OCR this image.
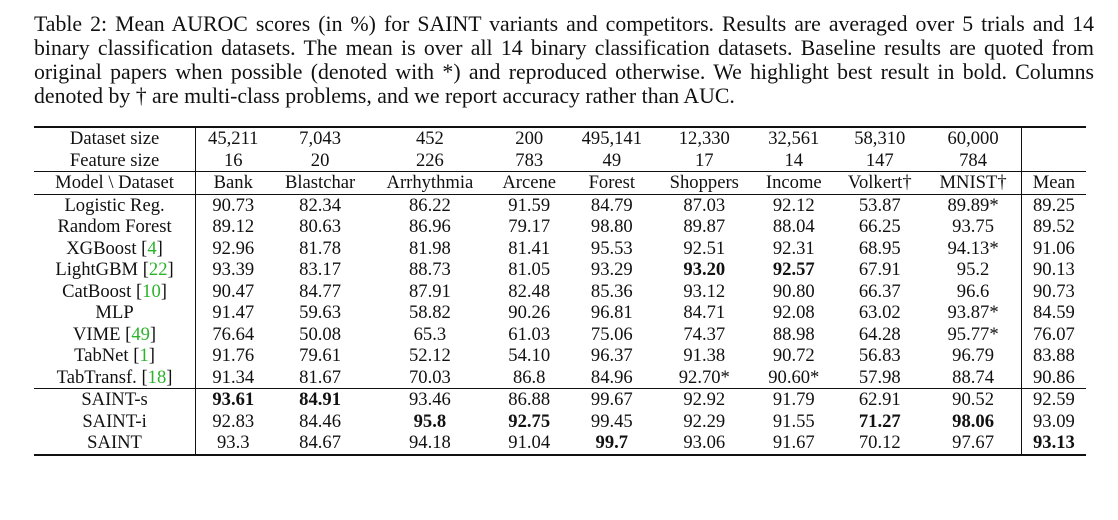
Table 2: Mean AUROC scores (in %) for SAINT variants and competitors. Results are averaged over 5 trials and 14 binary classification datasets. The mean is over all 14 binary classification datasets. Baseline results are quoted from original papers when possible (denoted with *) and reproduced otherwise. We highlight best result in bold. Columns denoted by † are multi-class problems, and we report accuracy rather than AUC.

Dataset size	45,211	7,043	452	200	495,141	12,330	32,561	58,310	60,000	
Feature size	16	20	226	783	49	17	14	147	784	
Model \ Dataset	Bank	Blastchar	Arrhythmia	Arcene	Forest	Shoppers	Income	Volkert†	MNIST†	Mean
Logistic Reg.	90.73	82.34	86.22	91.59	84.79	87.03	92.12	53.87	89.89*	89.25
Random Forest	89.12	80.63	86.96	79.17	98.80	89.87	88.04	66.25	93.75	89.52
XGBoost [4]	92.96	81.78	81.98	81.41	95.53	92.51	92.31	68.95	94.13*	91.06
LightGBM [22]	93.39	83.17	88.73	81.05	93.29	93.20	92.57	67.91	95.2	90.13
CatBoost [10]	90.47	84.77	87.91	82.48	85.36	93.12	90.80	66.37	96.6	90.73
MLP	91.47	59.63	58.82	90.26	96.81	84.71	92.08	63.02	93.87*	84.59
VIME [49]	76.64	50.08	65.3	61.03	75.06	74.37	88.98	64.28	95.77*	76.07
TabNet [1]	91.76	79.61	52.12	54.10	96.37	91.38	90.72	56.83	96.79	83.88
TabTransf. [18]	91.34	81.67	70.03	86.8	84.96	92.70*	90.60*	57.98	88.74	90.86
SAINT-s	93.61	84.91	93.46	86.88	99.67	92.92	91.79	62.91	90.52	92.59
SAINT-i	92.83	84.46	95.8	92.75	99.45	92.29	91.55	71.27	98.06	93.09
SAINT	93.3	84.67	94.18	91.04	99.7	93.06	91.67	70.12	97.67	93.13
